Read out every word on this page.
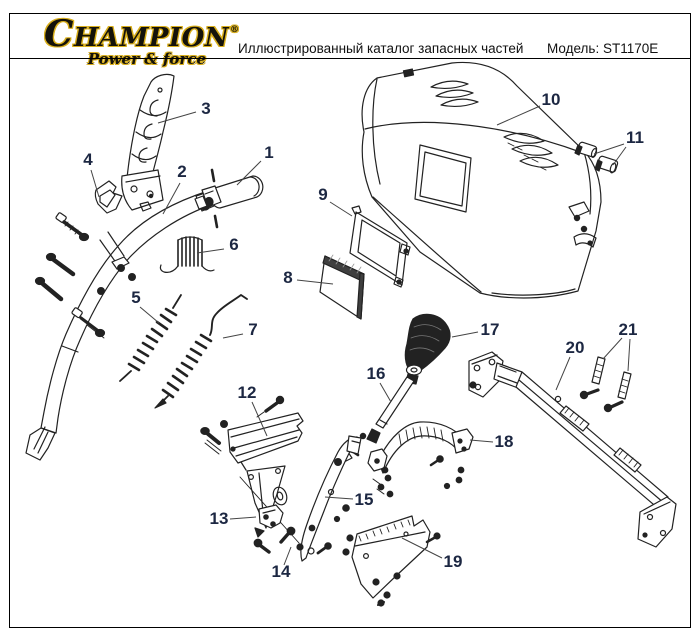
CHAMPION®
Power & force
Иллюстрированный каталог запасных частей Модель: ST1170E
1
2
3
4
5
6
7
8
9
10
11
12
13
14
15
16
17
18
19
20
21
